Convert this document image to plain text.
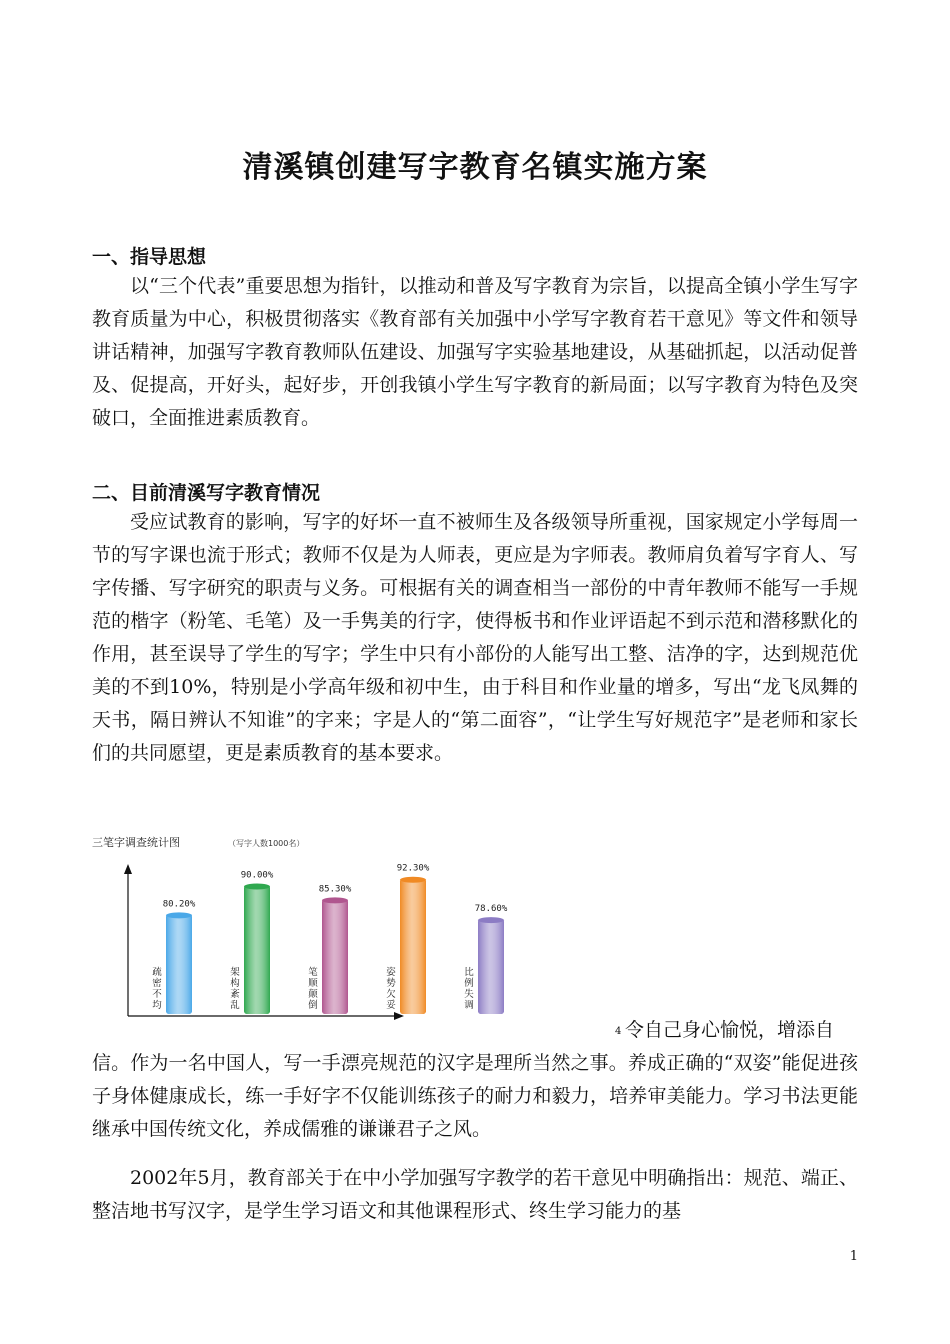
清溪镇创建写字教育名镇实施方案
一、指导思想

以“三个代表”重要思想为指针，以推动和普及写字教育为宗旨，以提高全镇小学生写字教育质量为中心，积极贯彻落实《教育部有关加强中小学写字教育若干意见》等文件和领导讲话精神，加强写字教育教师队伍建设、加强写字实验基地建设，从基础抓起，以活动促普及、促提高，开好头，起好步，开创我镇小学生写字教育的新局面；以写字教育为特色及突破口，全面推进素质教育。

二、目前清溪写字教育情况

受应试教育的影响，写字的好坏一直不被师生及各级领导所重视，国家规定小学每周一节的写字课也流于形式；教师不仅是为人师表，更应是为字师表。教师肩负着写字育人、写字传播、写字研究的职责与义务。可根据有关的调查相当一部份的中青年教师不能写一手规范的楷字（粉笔、毛笔）及一手隽美的行字，使得板书和作业评语起不到示范和潜移默化的作用，甚至误导了学生的写字；学生中只有小部份的人能写出工整、洁净的字，达到规范优美的不到10%，特别是小学高年级和初中生，由于科目和作业量的增多，写出“龙飞凤舞的天书，隔日辨认不知谁”的字来；字是人的“第二面容”，“让学生写好规范字”是老师和家长们的共同愿望，更是素质教育的基本要求。

三笔字调查统计图	（写字人数1000名）
80.20%
疏
密
不
均
90.00%
架
构
紊
乱
85.30%
笔
顺
颠
倒
92.30%
姿
势
欠
妥
78.60%
比
例
失
调
4 令自己身心愉悦，增添自

信。作为一名中国人，写一手漂亮规范的汉字是理所当然之事。养成正确的“双姿”能促进孩子身体健康成长，练一手好字不仅能训练孩子的耐力和毅力，培养审美能力。学习书法更能继承中国传统文化，养成儒雅的谦谦君子之风。

2002年5月，教育部关于在中小学加强写字教学的若干意见中明确指出：规范、端正、整洁地书写汉字，是学生学习语文和其他课程形式、终生学习能力的基

1
